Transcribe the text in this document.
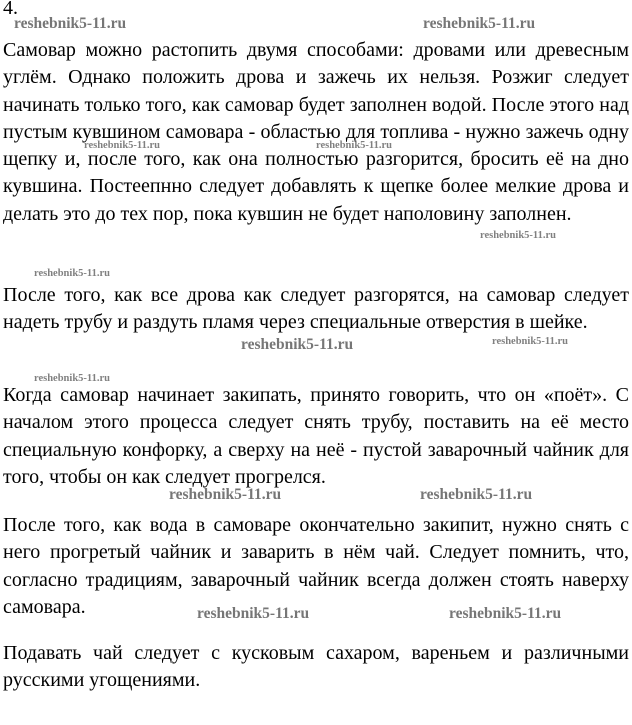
4.

Самовар можно растопить двумя способами: дровами или древесным углём. Однако положить дрова и зажечь их нельзя. Розжиг следует начинать только того, как самовар будет заполнен водой. После этого над пустым кувшином самовара - областью для топлива - нужно зажечь одну щепку и, после того, как она полностью разгорится, бросить её на дно кувшина. Постеепнно следует добавлять к щепке более мелкие дрова и делать это до тех пор, пока кувшин не будет наполовину заполнен.

После того, как все дрова как следует разгорятся, на самовар следует надеть трубу и раздуть пламя через специальные отверстия в шейке.

Когда самовар начинает закипать, принято говорить, что он «поёт». С началом этого процесса следует снять трубу, поставить на её место специальную конфорку, а сверху на неё - пустой заварочный чайник для того, чтобы он как следует прогрелся.

После того, как вода в самоваре окончательно закипит, нужно снять с него прогретый чайник и заварить в нём чай. Следует помнить, что, согласно традициям, заварочный чайник всегда должен стоять наверху самовара.

Подавать чай следует с кусковым сахаром, вареньем и различными русскими угощениями.

reshebnik5-11.ru	reshebnik5-11.ru
reshebnik5-11.ru	reshebnik5-11.ru
reshebnik5-11.ru
reshebnik5-11.ru
reshebnik5-11.ru	reshebnik5-11.ru
reshebnik5-11.ru
reshebnik5-11.ru	reshebnik5-11.ru
reshebnik5-11.ru	reshebnik5-11.ru
